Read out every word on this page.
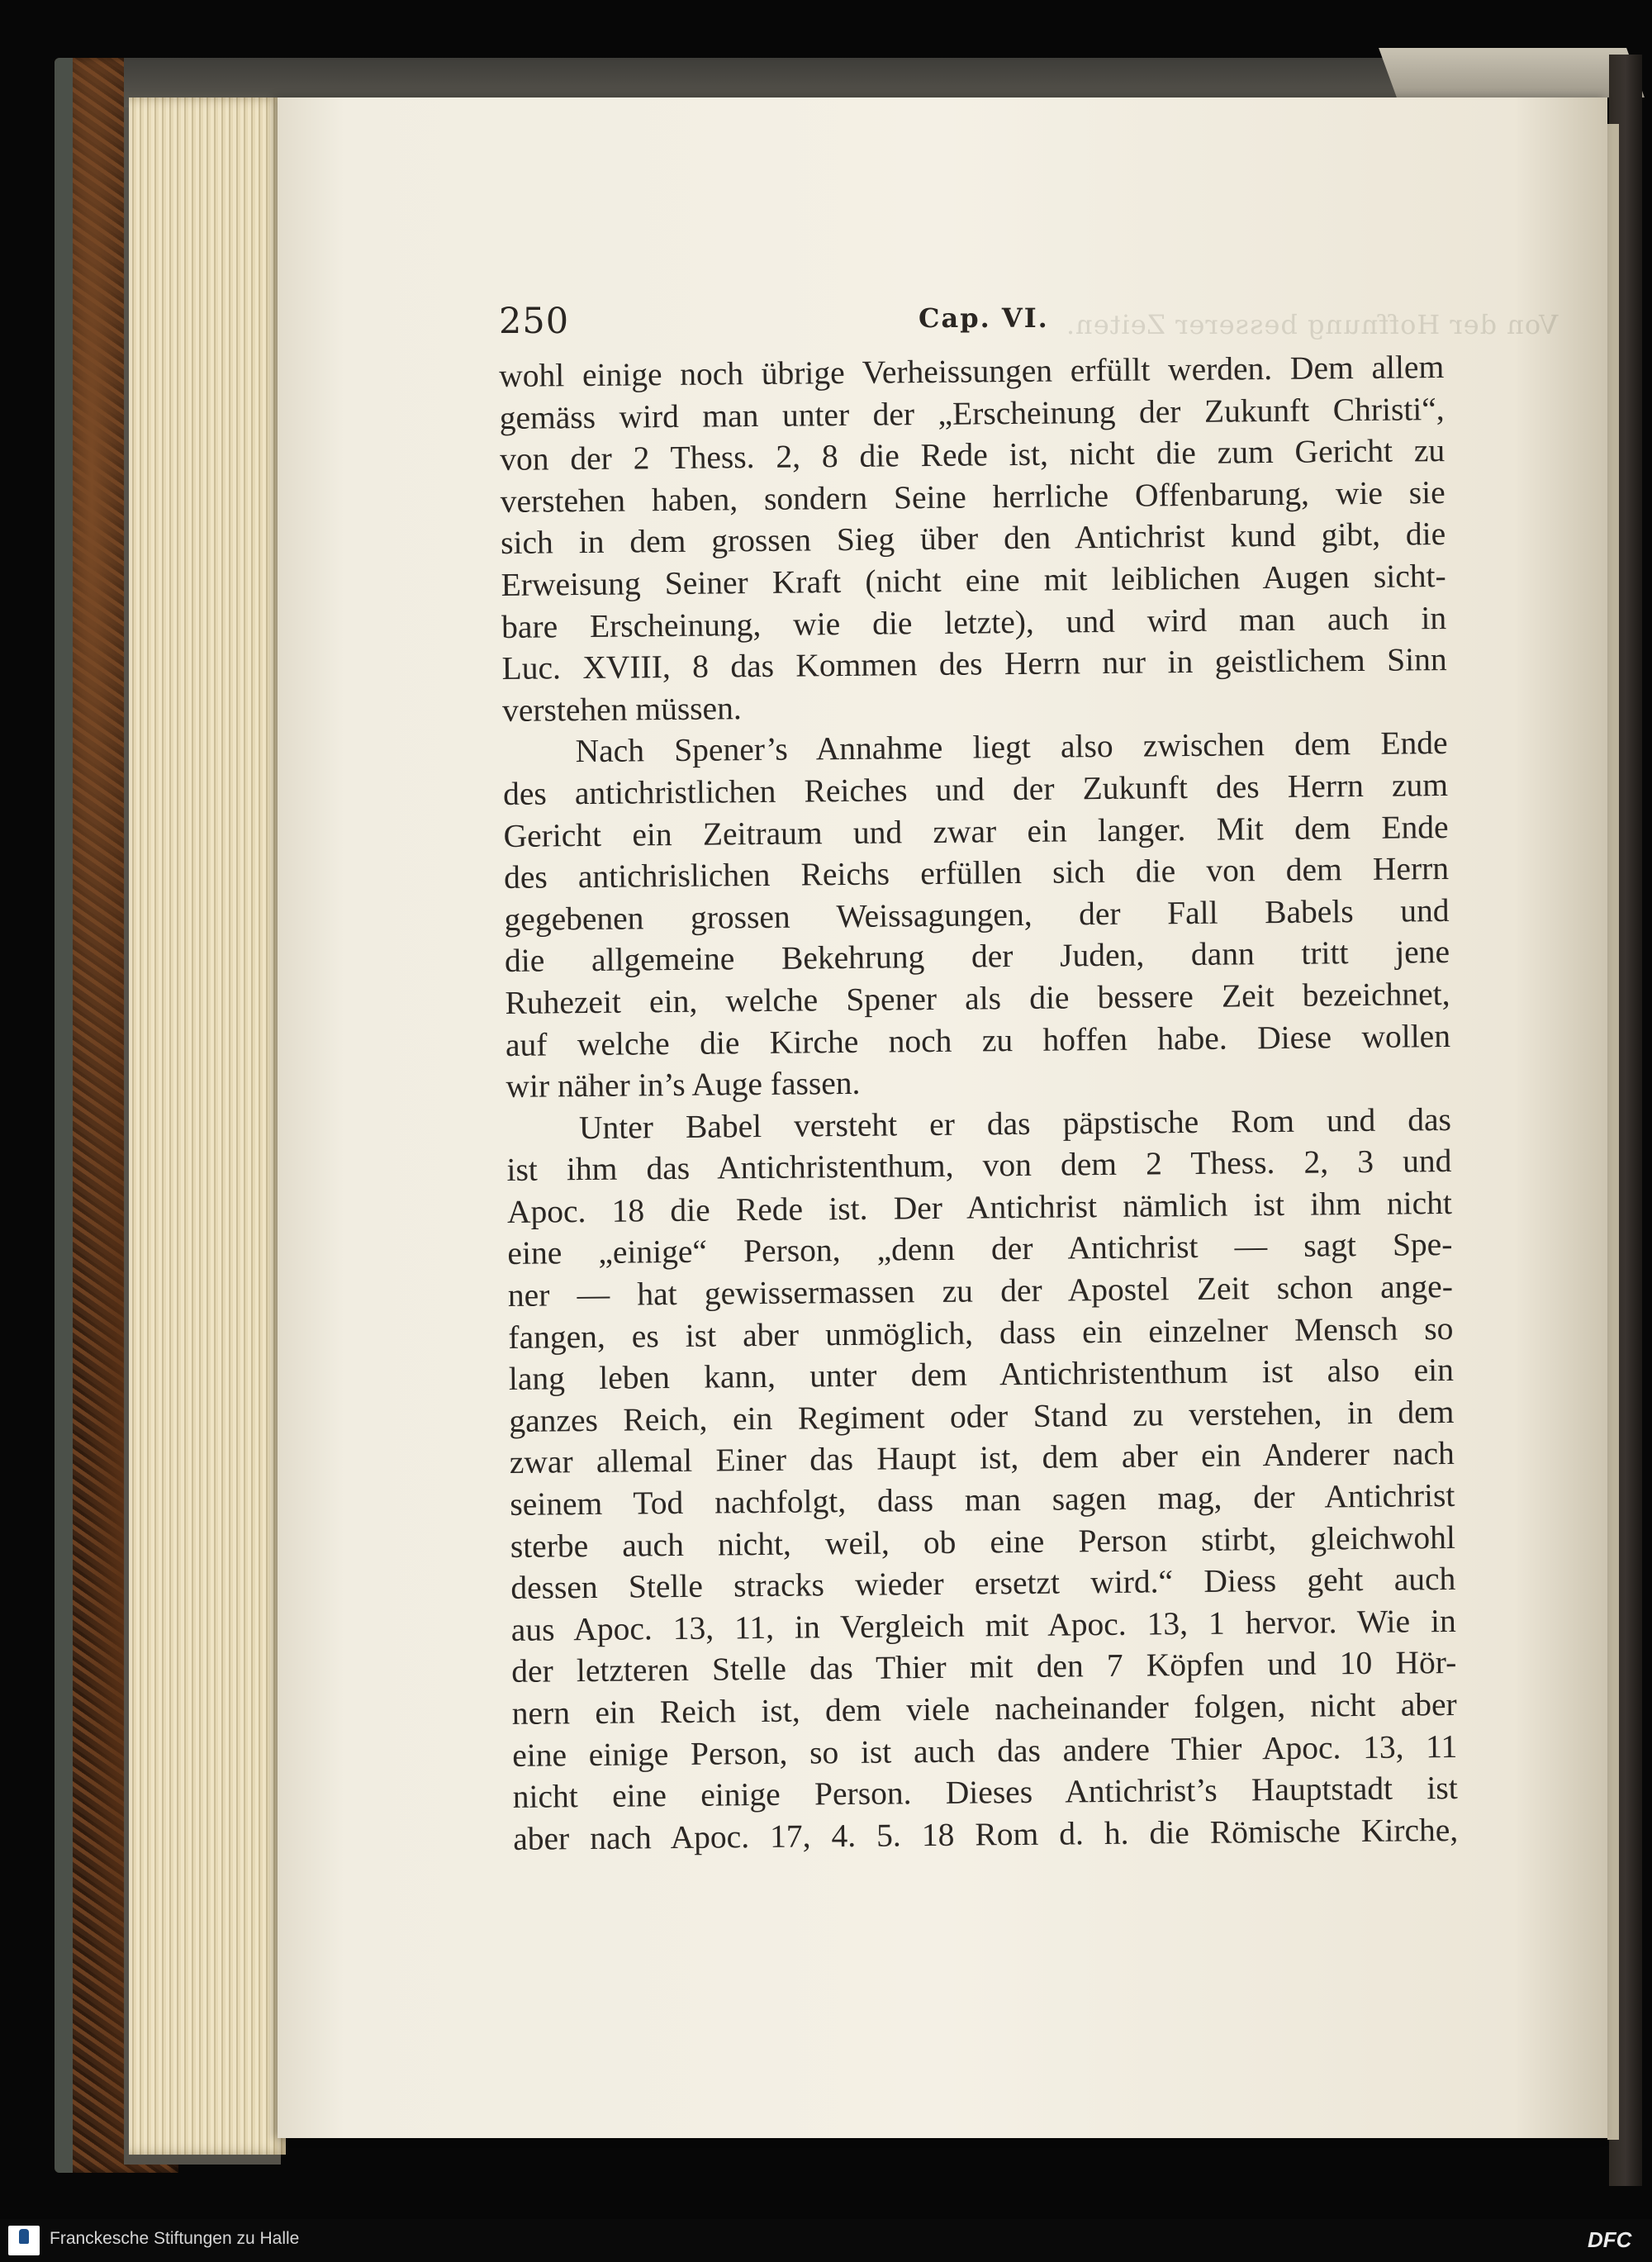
250	Cap. VI. Von der Hoffnung besserer Zeiten.
wohl einige noch übrige Verheissungen erfüllt werden. Dem allem
gemäss wird man unter der „Erscheinung der Zukunft Christi“,
von der 2 Thess. 2, 8 die Rede ist, nicht die zum Gericht zu
verstehen haben, sondern Seine herrliche Offenbarung, wie sie
sich in dem grossen Sieg über den Antichrist kund gibt, die
Erweisung Seiner Kraft (nicht eine mit leiblichen Augen sicht-
bare Erscheinung, wie die letzte), und wird man auch in
Luc. XVIII, 8 das Kommen des Herrn nur in geistlichem Sinn
verstehen müssen.
Nach Spener’s Annahme liegt also zwischen dem Ende
des antichristlichen Reiches und der Zukunft des Herrn zum
Gericht ein Zeitraum und zwar ein langer. Mit dem Ende
des antichrislichen Reichs erfüllen sich die von dem Herrn
gegebenen grossen Weissagungen, der Fall Babels und
die allgemeine Bekehrung der Juden, dann tritt jene
Ruhezeit ein, welche Spener als die bessere Zeit bezeichnet,
auf welche die Kirche noch zu hoffen habe. Diese wollen
wir näher in’s Auge fassen.
Unter Babel versteht er das päpstische Rom und das
ist ihm das Antichristenthum, von dem 2 Thess. 2, 3 und
Apoc. 18 die Rede ist. Der Antichrist nämlich ist ihm nicht
eine „einige“ Person, „denn der Antichrist — sagt Spe-
ner — hat gewissermassen zu der Apostel Zeit schon ange-
fangen, es ist aber unmöglich, dass ein einzelner Mensch so
lang leben kann, unter dem Antichristenthum ist also ein
ganzes Reich, ein Regiment oder Stand zu verstehen, in dem
zwar allemal Einer das Haupt ist, dem aber ein Anderer nach
seinem Tod nachfolgt, dass man sagen mag, der Antichrist
sterbe auch nicht, weil, ob eine Person stirbt, gleichwohl
dessen Stelle stracks wieder ersetzt wird.“ Diess geht auch
aus Apoc. 13, 11, in Vergleich mit Apoc. 13, 1 hervor. Wie in
der letzteren Stelle das Thier mit den 7 Köpfen und 10 Hör-
nern ein Reich ist, dem viele nacheinander folgen, nicht aber
eine einige Person, so ist auch das andere Thier Apoc. 13, 11
nicht eine einige Person. Dieses Antichrist’s Hauptstadt ist
aber nach Apoc. 17, 4. 5. 18 Rom d. h. die Römische Kirche,
Franckesche Stiftungen zu Halle	DFC
